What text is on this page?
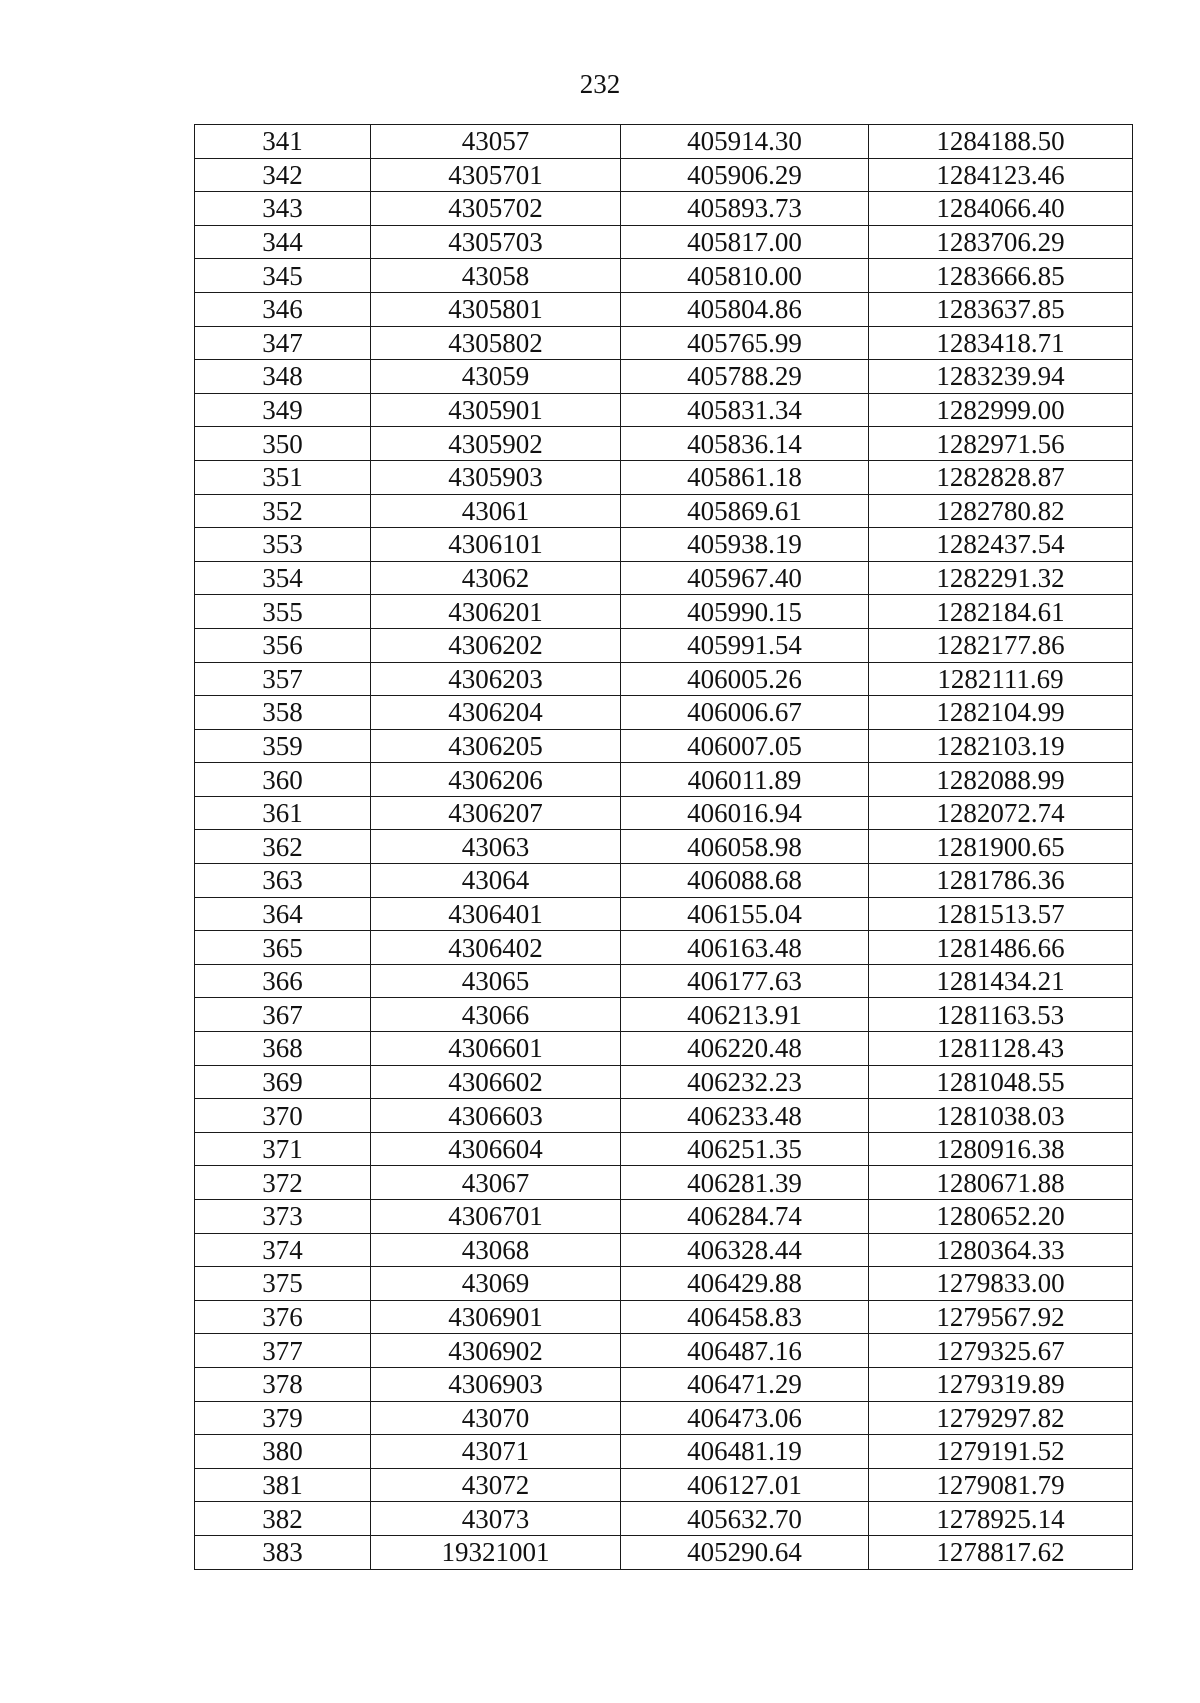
232
341	43057	405914.30	1284188.50
342	4305701	405906.29	1284123.46
343	4305702	405893.73	1284066.40
344	4305703	405817.00	1283706.29
345	43058	405810.00	1283666.85
346	4305801	405804.86	1283637.85
347	4305802	405765.99	1283418.71
348	43059	405788.29	1283239.94
349	4305901	405831.34	1282999.00
350	4305902	405836.14	1282971.56
351	4305903	405861.18	1282828.87
352	43061	405869.61	1282780.82
353	4306101	405938.19	1282437.54
354	43062	405967.40	1282291.32
355	4306201	405990.15	1282184.61
356	4306202	405991.54	1282177.86
357	4306203	406005.26	1282111.69
358	4306204	406006.67	1282104.99
359	4306205	406007.05	1282103.19
360	4306206	406011.89	1282088.99
361	4306207	406016.94	1282072.74
362	43063	406058.98	1281900.65
363	43064	406088.68	1281786.36
364	4306401	406155.04	1281513.57
365	4306402	406163.48	1281486.66
366	43065	406177.63	1281434.21
367	43066	406213.91	1281163.53
368	4306601	406220.48	1281128.43
369	4306602	406232.23	1281048.55
370	4306603	406233.48	1281038.03
371	4306604	406251.35	1280916.38
372	43067	406281.39	1280671.88
373	4306701	406284.74	1280652.20
374	43068	406328.44	1280364.33
375	43069	406429.88	1279833.00
376	4306901	406458.83	1279567.92
377	4306902	406487.16	1279325.67
378	4306903	406471.29	1279319.89
379	43070	406473.06	1279297.82
380	43071	406481.19	1279191.52
381	43072	406127.01	1279081.79
382	43073	405632.70	1278925.14
383	19321001	405290.64	1278817.62
